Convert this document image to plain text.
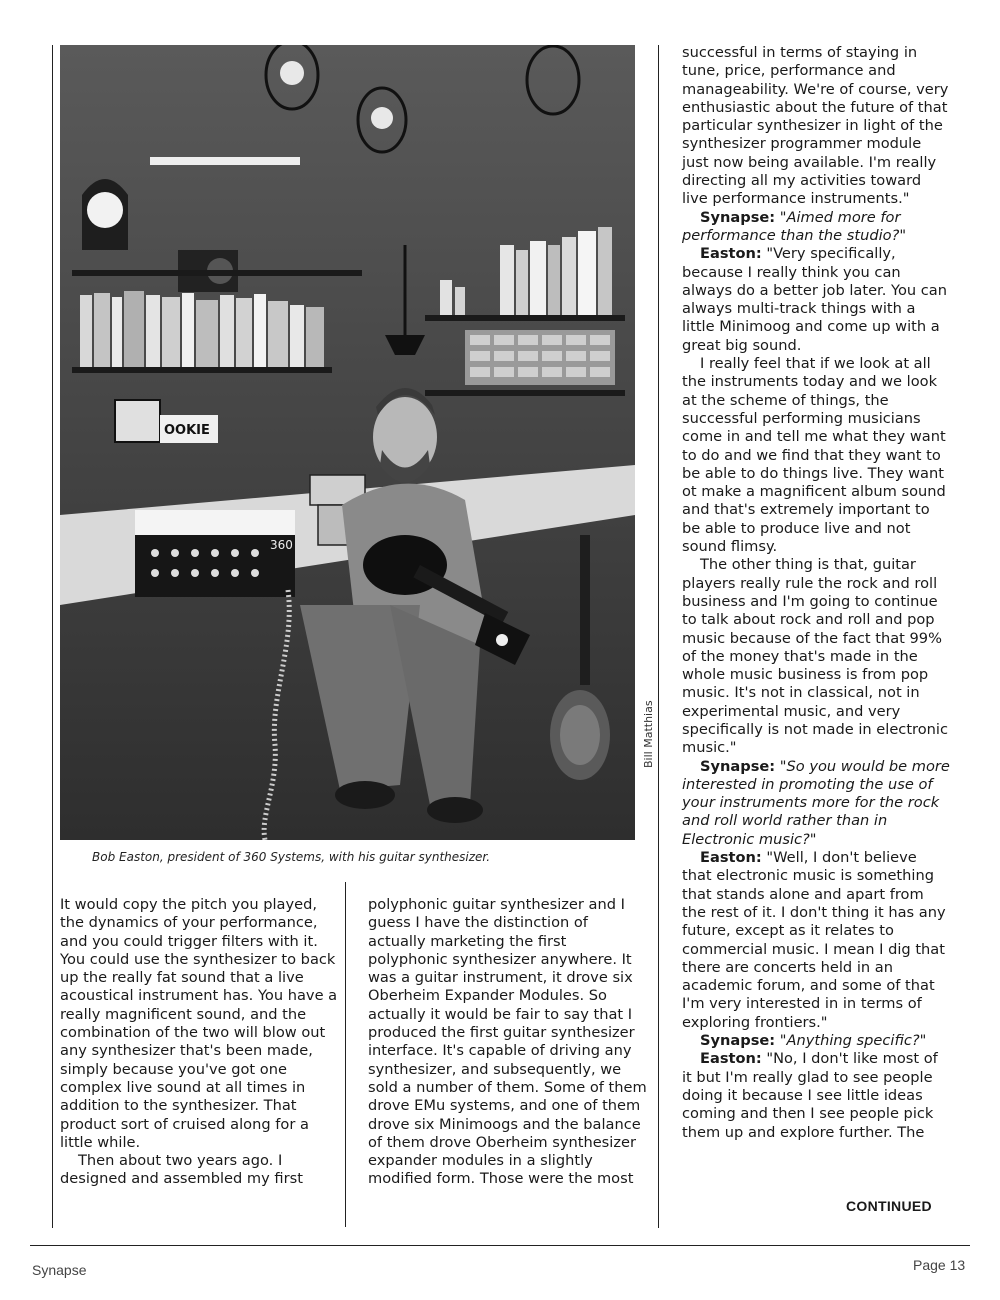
OOKIE
360
Bob Easton, president of 360 Systems, with his guitar synthesizer.
Bill Matthias

It would copy the pitch you played, the dynamics of your performance, and you could trigger filters with it. You could use the synthesizer to back up the really fat sound that a live acoustical instrument has. You have a really magnificent sound, and the combination of the two will blow out any synthesizer that's been made, simply because you've got one complex live sound at all times in addition to the synthesizer. That product sort of cruised along for a little while.

Then about two years ago. I designed and assembled my first

polyphonic guitar synthesizer and I guess I have the distinction of actually marketing the first polyphonic synthesizer anywhere. It was a guitar instrument, it drove six Oberheim Expander Modules. So actually it would be fair to say that I produced the first guitar synthesizer interface. It's capable of driving any synthesizer, and subsequently, we sold a number of them. Some of them drove EMu systems, and one of them drove six Minimoogs and the balance of them drove Oberheim synthesizer expander modules in a slightly modified form. Those were the most

successful in terms of staying in tune, price, performance and manageability. We're of course, very enthusiastic about the future of that particular synthesizer in light of the synthesizer programmer module just now being available. I'm really directing all my activities toward live performance instruments."

Synapse: "Aimed more for performance than the studio?"

Easton: "Very specifically, because I really think you can always do a better job later. You can always multi-track things with a little Minimoog and come up with a great big sound.

I really feel that if we look at all the instruments today and we look at the scheme of things, the successful performing musicians come in and tell me what they want to do and we find that they want to be able to do things live. They want ot make a magnificent album sound and that's extremely important to be able to produce live and not sound flimsy.

The other thing is that, guitar players really rule the rock and roll business and I'm going to continue to talk about rock and roll and pop music because of the fact that 99% of the money that's made in the whole music business is from pop music. It's not in classical, not in experimental music, and very specifically is not made in electronic music."

Synapse: "So you would be more interested in promoting the use of your instruments more for the rock and roll world rather than in Electronic music?"

Easton: "Well, I don't believe that electronic music is something that stands alone and apart from the rest of it. I don't thing it has any future, except as it relates to commercial music. I mean I dig that there are concerts held in an academic forum, and some of that I'm very interested in in terms of exploring frontiers."

Synapse: "Anything specific?"

Easton: "No, I don't like most of it but I'm really glad to see people doing it because I see little ideas coming and then I see people pick them up and explore further. The

CONTINUED
Synapse	Page 13
